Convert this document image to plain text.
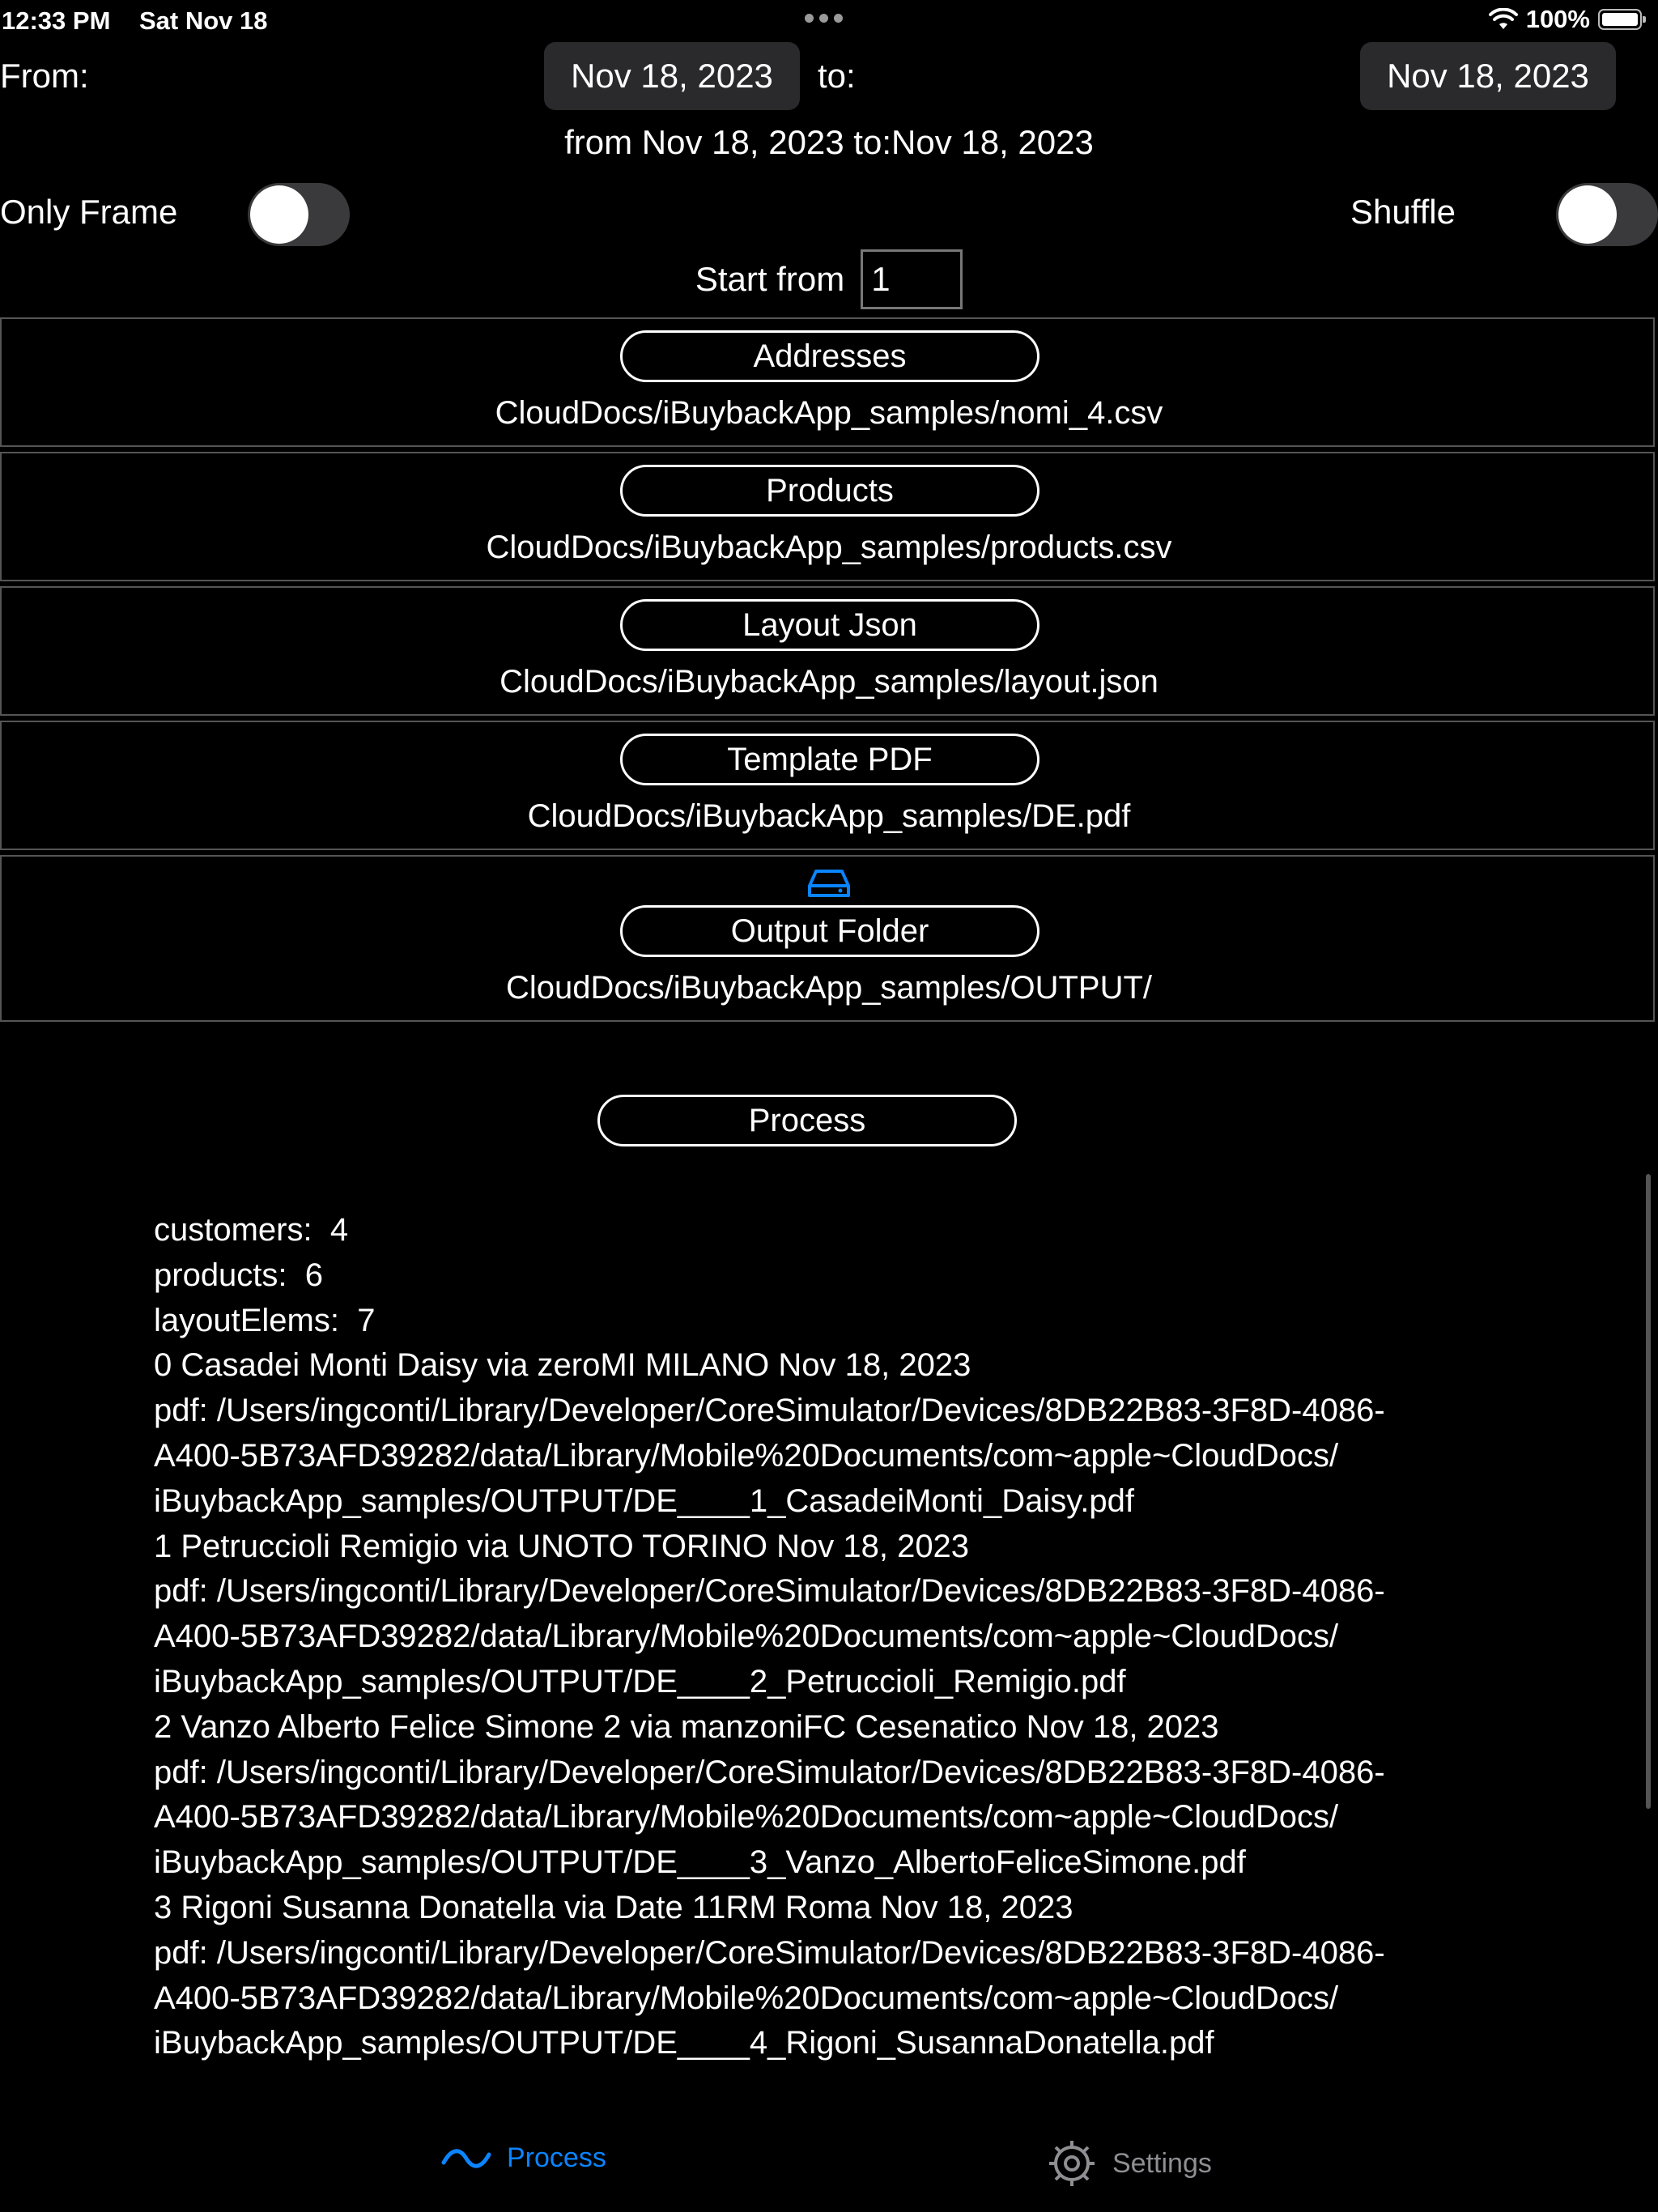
12:33 PM Sat Nov 18	100%
From:	Nov 18, 2023	to:	Nov 18, 2023
from Nov 18, 2023 to:Nov 18, 2023
Only Frame	Shuffle
Start from
1
Addresses
CloudDocs/iBuybackApp_samples/nomi_4.csv
Products
CloudDocs/iBuybackApp_samples/products.csv
Layout Json
CloudDocs/iBuybackApp_samples/layout.json
Template PDF
CloudDocs/iBuybackApp_samples/DE.pdf
Output Folder
CloudDocs/iBuybackApp_samples/OUTPUT/
Process
customers:  4
products:  6
layoutElems:  7
0 Casadei Monti Daisy via zeroMI MILANO Nov 18, 2023
pdf: /Users/ingconti/Library/Developer/CoreSimulator/Devices/8DB22B83-3F8D-4086-
A400-5B73AFD39282/data/Library/Mobile%20Documents/com~apple~CloudDocs/
iBuybackApp_samples/OUTPUT/DE____1_CasadeiMonti_Daisy.pdf
1 Petruccioli Remigio via UNOTO TORINO Nov 18, 2023
pdf: /Users/ingconti/Library/Developer/CoreSimulator/Devices/8DB22B83-3F8D-4086-
A400-5B73AFD39282/data/Library/Mobile%20Documents/com~apple~CloudDocs/
iBuybackApp_samples/OUTPUT/DE____2_Petruccioli_Remigio.pdf
2 Vanzo Alberto Felice Simone 2 via manzoniFC Cesenatico Nov 18, 2023
pdf: /Users/ingconti/Library/Developer/CoreSimulator/Devices/8DB22B83-3F8D-4086-
A400-5B73AFD39282/data/Library/Mobile%20Documents/com~apple~CloudDocs/
iBuybackApp_samples/OUTPUT/DE____3_Vanzo_AlbertoFeliceSimone.pdf
3 Rigoni Susanna Donatella via Date 11RM Roma Nov 18, 2023
pdf: /Users/ingconti/Library/Developer/CoreSimulator/Devices/8DB22B83-3F8D-4086-
A400-5B73AFD39282/data/Library/Mobile%20Documents/com~apple~CloudDocs/
iBuybackApp_samples/OUTPUT/DE____4_Rigoni_SusannaDonatella.pdf
Process	Settings
